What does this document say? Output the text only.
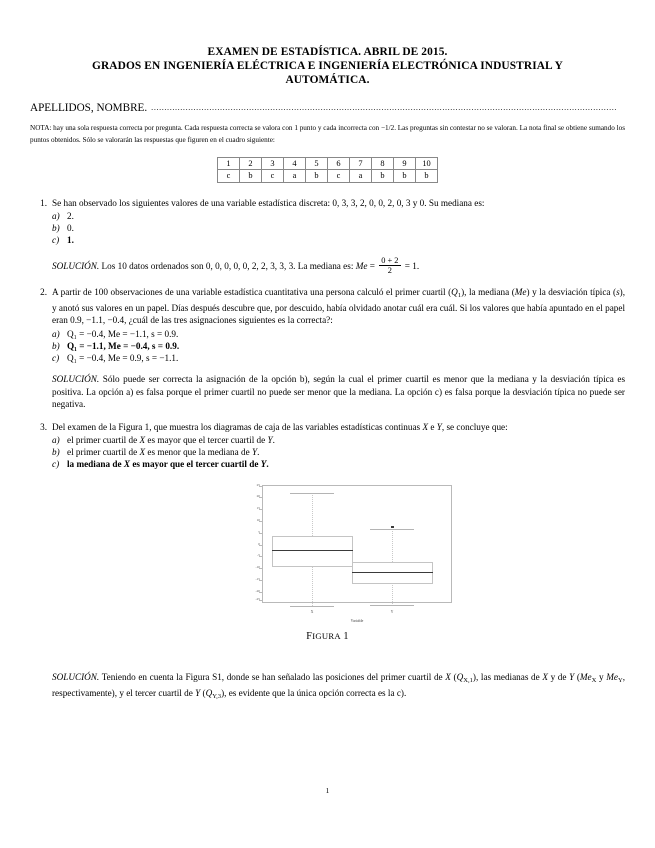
EXAMEN DE ESTADÍSTICA. ABRIL DE 2015.
GRADOS EN INGENIERÍA ELÉCTRICA E INGENIERÍA ELECTRÓNICA INDUSTRIAL Y
AUTOMÁTICA.
APELLIDOS, NOMBRE. ................................................................................................................................................................................
NOTA: hay una sola respuesta correcta por pregunta. Cada respuesta correcta se valora con 1 punto y cada incorrecta con −1/2. Las preguntas sin contestar no se valoran. La nota final se obtiene sumando los puntos obtenidos. Sólo se valorarán las respuestas que figuren en el cuadro siguiente:
1	2	3	4	5	6	7	8	9	10
c	b	c	a	b	c	a	b	b	b
1. Se han observado los siguientes valores de una variable estadística discreta: 0, 3, 3, 2, 0, 0, 2, 0, 3 y 0. Su mediana es:
a) 2.
b) 0.
c) 1.
SOLUCIÓN. Los 10 datos ordenados son 0, 0, 0, 0, 0, 2, 2, 3, 3, 3. La mediana es: $Me = \frac{0 + 2}{2} = 1$.
2. A partir de 100 observaciones de una variable estadística cuantitativa una persona calculó el primer cuartil $(Q_1)$, la mediana (Me) y la desviación típica (s), y anotó sus valores en un papel. Días después descubre que, por descuido, había olvidado anotar cuál era cuál. Si los valores que había apuntado en el papel eran 0.9, −1.1, −0.4, ¿cuál de las tres asignaciones siguientes es la correcta?:
a) Q₁ = −0.4, Me = −1.1, s = 0.9.
b) Q₁ = −1.1, Me = −0.4, s = 0.9.
c) Q₁ = −0.4, Me = 0.9, s = −1.1.
SOLUCIÓN. Sólo puede ser correcta la asignación de la opción b), según la cual el primer cuartil es menor que la mediana y la desviación típica es positiva. La opción a) es falsa porque el primer cuartil no puede ser menor que la mediana. La opción c) es falsa porque la desviación típica no puede ser negativa.
3. Del examen de la Figura 1, que muestra los diagramas de caja de las variables estadísticas continuas X e Y, se concluye que:
a) el primer cuartil de X es mayor que el tercer cuartil de Y.
b) el primer cuartil de X es menor que la mediana de Y.
c) la mediana de X es mayor que el tercer cuartil de Y.
25
20
15
10
5
0
-5
-10
-15
-20
-25
X	Y
Variable
FIGURA 1
SOLUCIÓN. Teniendo en cuenta la Figura S1, donde se han señalado las posiciones del primer cuartil de X $(Q_{X,1})$, las medianas de X y de Y ($Me_X$ y $Me_Y$, respectivamente), y el tercer cuartil de Y $(Q_{Y,3})$, es evidente que la única opción correcta es la c).
1
